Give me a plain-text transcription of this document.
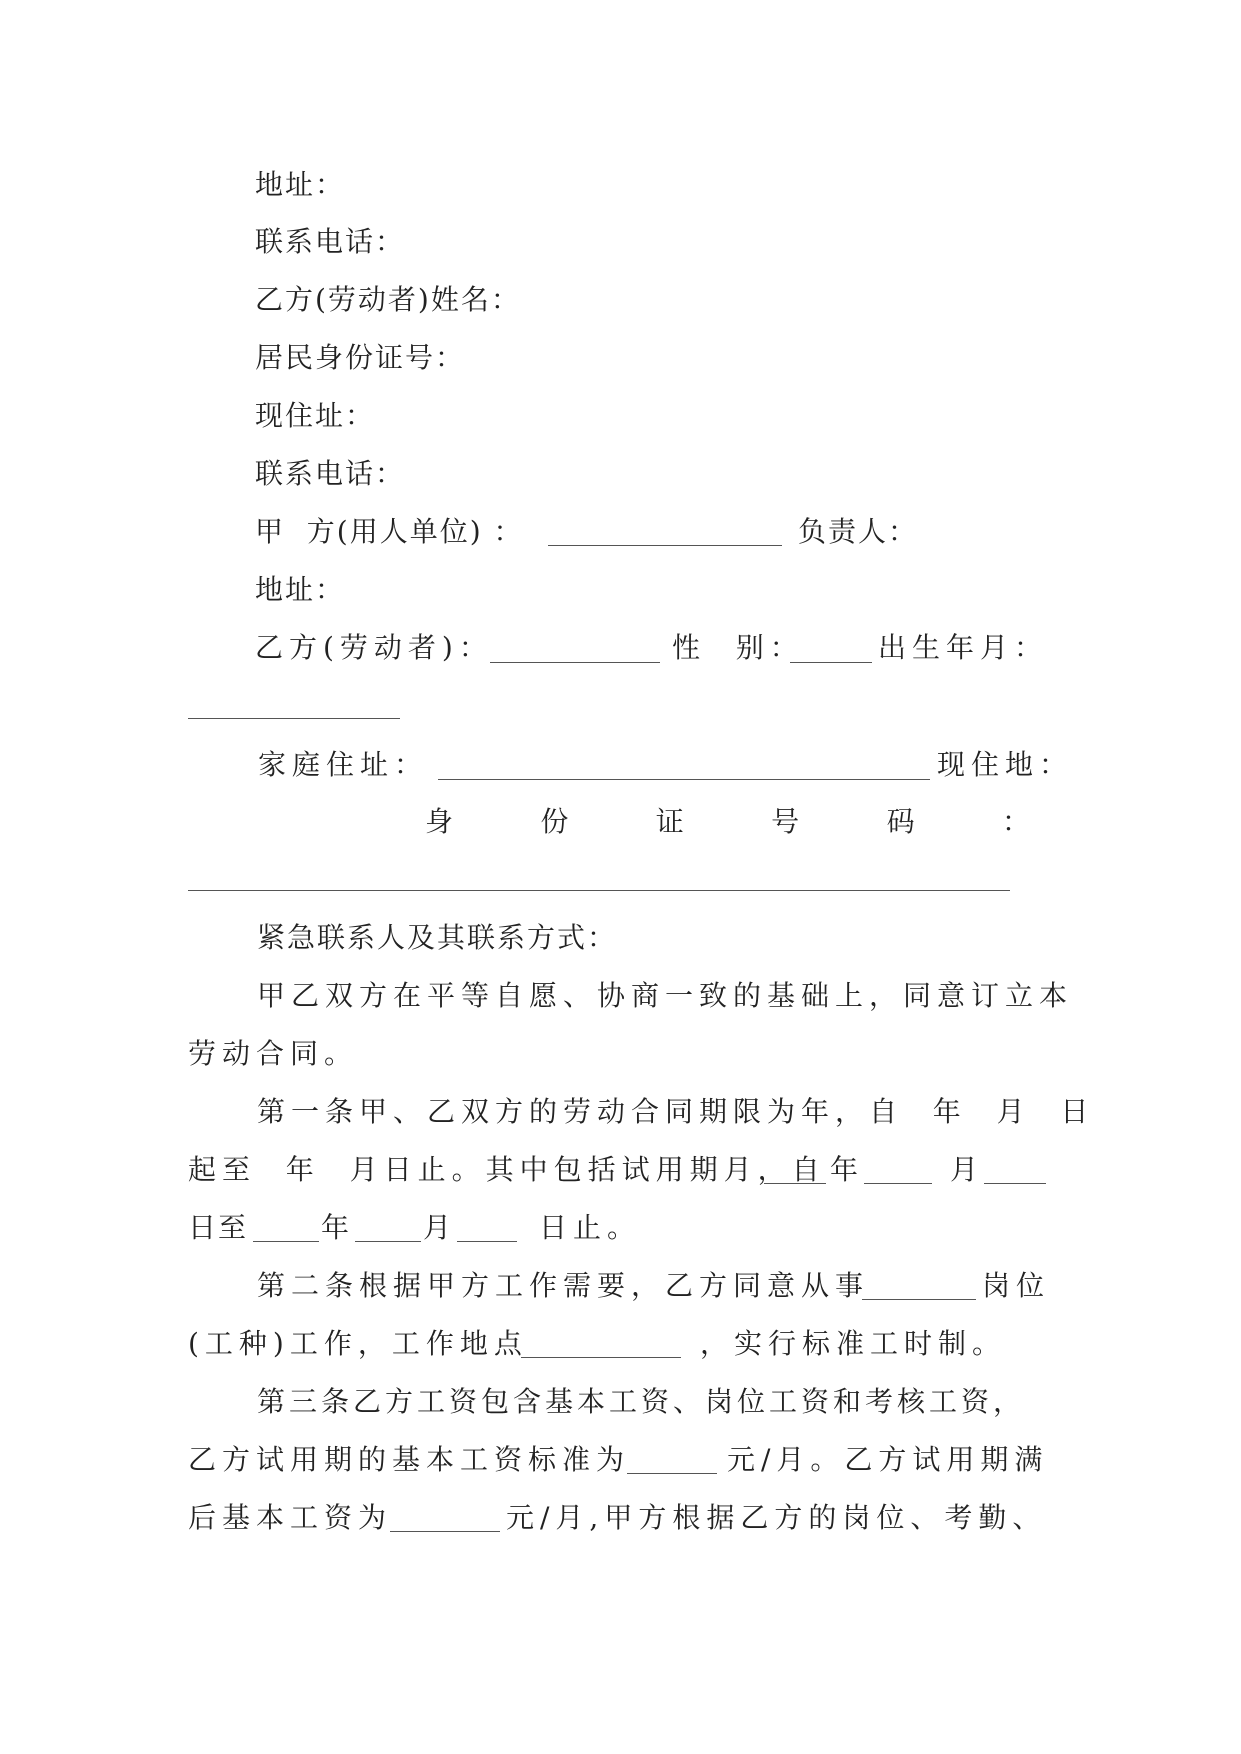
地址：
联系电话：
乙方(劳动者)姓名：
居民身份证号：
现住址：
联系电话：
甲  方(用人单位) ：	负责人：
地址：
乙方(劳动者)：	性  别：	出生年月：
家庭住址：	现住地：
身	份	证	号	码	：
紧急联系人及其联系方式：
甲乙双方在平等自愿、协商一致的基础上，同意订立本
劳动合同。
第一条甲、乙双方的劳动合同期限为年，自  年  月  日
起至  年  月日止。其中包括试用期月，自 年	月
日至	年	月	日止。
第二条根据甲方工作需要，乙方同意从事	岗位
(工种)工作，工作地点	，实行标准工时制。
第三条乙方工资包含基本工资、岗位工资和考核工资，
乙方试用期的基本工资标准为	元/月。乙方试用期满
后基本工资为	元/月,甲方根据乙方的岗位、考勤、
